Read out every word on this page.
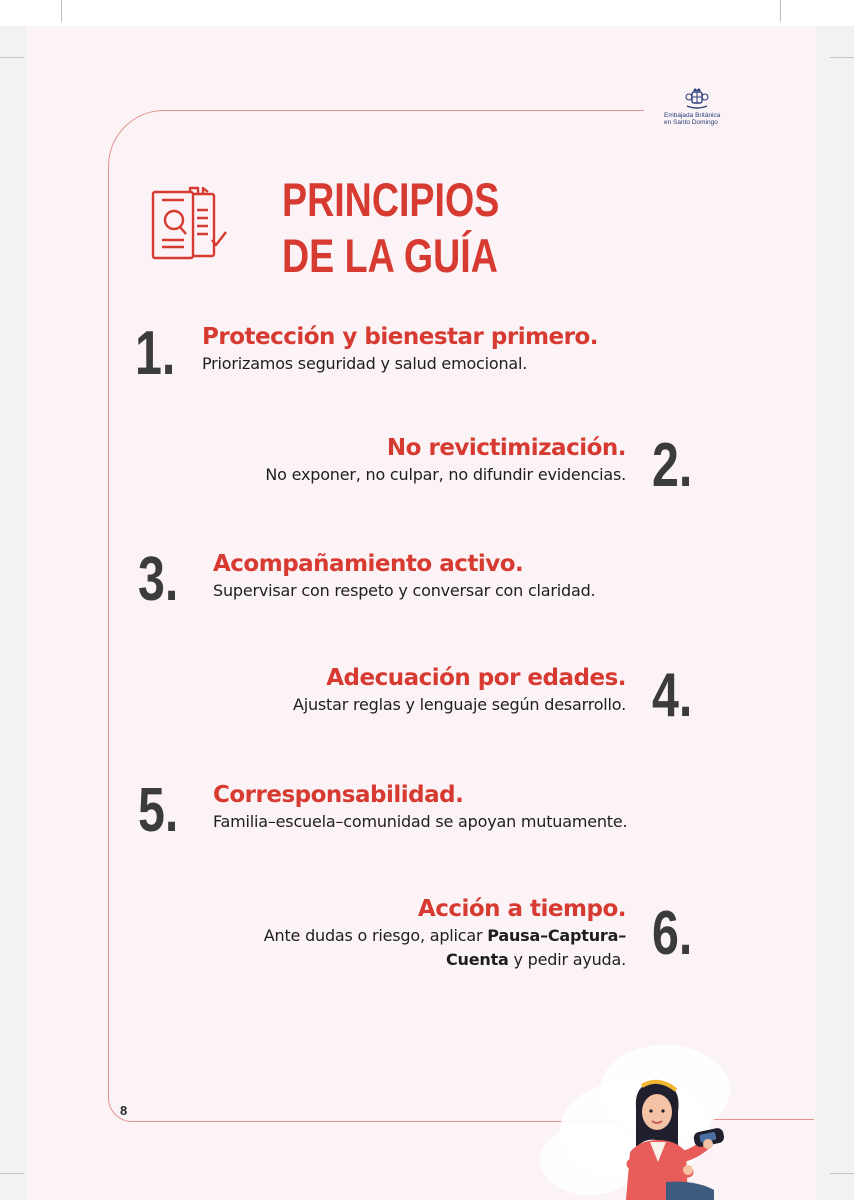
Embajada Británica
en Santo Domingo
PRINCIPIOS
DE LA GUÍA
1. Protección y bienestar primero.
Priorizamos seguridad y salud emocional.
No revictimización.
No exponer, no culpar, no difundir evidencias. 2.
3. Acompañamiento activo.
Supervisar con respeto y conversar con claridad.
Adecuación por edades.
Ajustar reglas y lenguaje según desarrollo. 4.
5. Corresponsabilidad.
Familia–escuela–comunidad se apoyan mutuamente.
Acción a tiempo.
Ante dudas o riesgo, aplicar Pausa–Captura–
Cuenta y pedir ayuda. 6.
8
